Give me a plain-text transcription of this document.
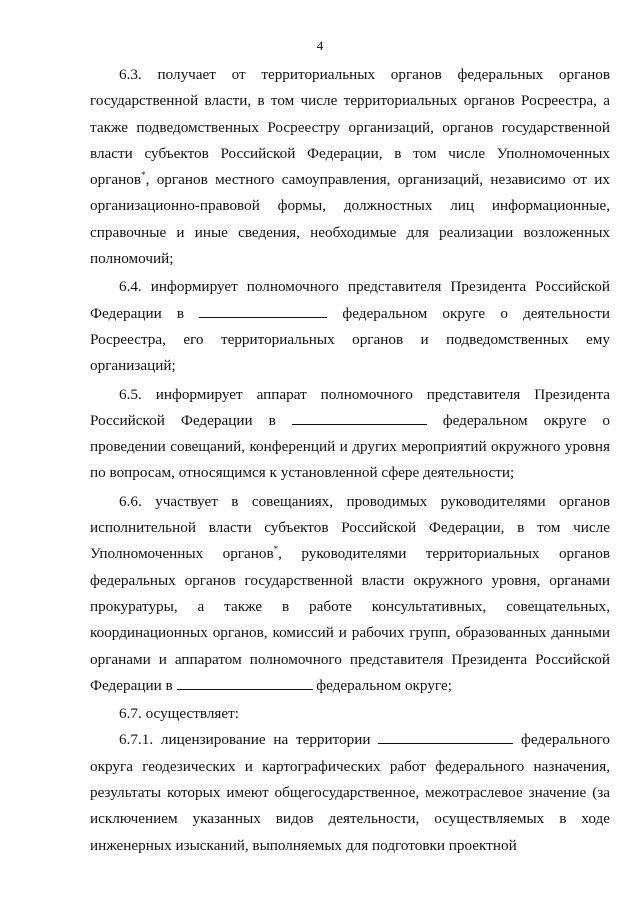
4

6.3. получает от территориальных органов федеральных органов государственной власти, в том числе территориальных органов Росреестра, а также подведомственных Росреестру организаций, органов государственной власти субъектов Российской Федерации, в том числе Уполномоченных органов*, органов местного самоуправления, организаций, независимо от их организационно-правовой формы, должностных лиц информационные, справочные и иные сведения, необходимые для реализации возложенных полномочий;

6.4. информирует полномочного представителя Президента Российской Федерации в	федеральном округе о деятельности Росреестра, его территориальных органов и подведомственных ему организаций;

6.5. информирует аппарат полномочного представителя Президента Российской Федерации в	федеральном округе о проведении совещаний, конференций и других мероприятий окружного уровня по вопросам, относящимся к установленной сфере деятельности;

6.6. участвует в совещаниях, проводимых руководителями органов исполнительной власти субъектов Российской Федерации, в том числе Уполномоченных органов*, руководителями территориальных органов федеральных органов государственной власти окружного уровня, органами прокуратуры, а также в работе консультативных, совещательных, координационных органов, комиссий и рабочих групп, образованных данными органами и аппаратом полномочного представителя Президента Российской Федерации в	федеральном округе;

6.7. осуществляет:

6.7.1. лицензирование на территории	федерального округа геодезических и картографических работ федерального назначения, результаты которых имеют общегосударственное, межотраслевое значение (за исключением указанных видов деятельности, осуществляемых в ходе инженерных изысканий, выполняемых для подготовки проектной
